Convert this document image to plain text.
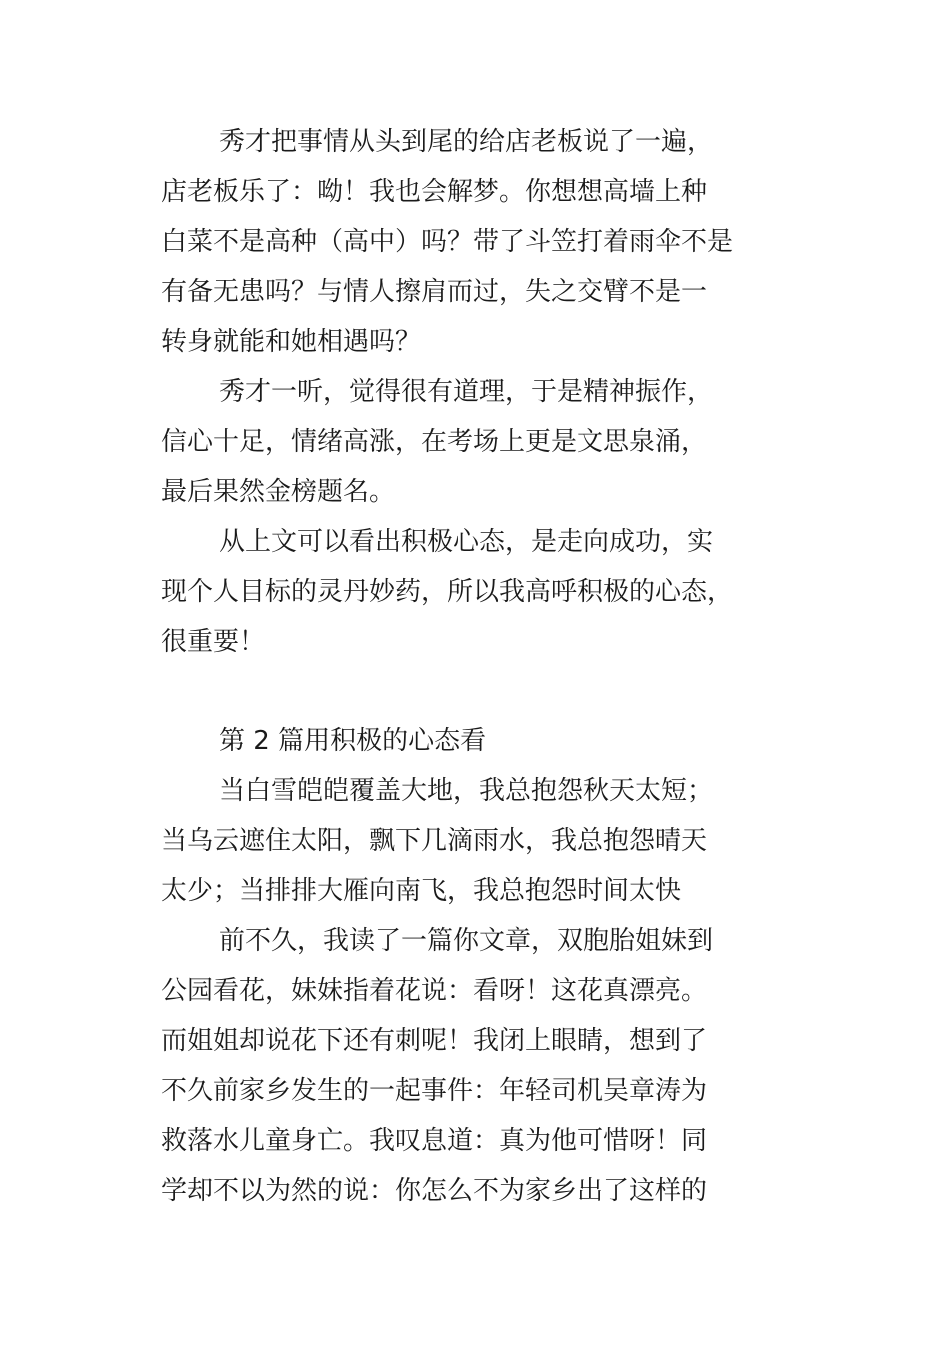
秀才把事情从头到尾的给店老板说了一遍，
店老板乐了：呦！我也会解梦。你想想高墙上种
白菜不是高种（高中）吗？带了斗笠打着雨伞不是
有备无患吗？与情人擦肩而过，失之交臂不是一
转身就能和她相遇吗？
秀才一听，觉得很有道理，于是精神振作，
信心十足，情绪高涨，在考场上更是文思泉涌，
最后果然金榜题名。
从上文可以看出积极心态，是走向成功，实
现个人目标的灵丹妙药，所以我高呼积极的心态，
很重要！
第 2 篇用积极的心态看
当白雪皑皑覆盖大地，我总抱怨秋天太短；
当乌云遮住太阳，飘下几滴雨水，我总抱怨晴天
太少；当排排大雁向南飞，我总抱怨时间太快
前不久，我读了一篇你文章，双胞胎姐妹到
公园看花，妹妹指着花说：看呀！这花真漂亮。
而姐姐却说花下还有刺呢！我闭上眼睛，想到了
不久前家乡发生的一起事件：年轻司机吴章涛为
救落水儿童身亡。我叹息道：真为他可惜呀！同
学却不以为然的说：你怎么不为家乡出了这样的
